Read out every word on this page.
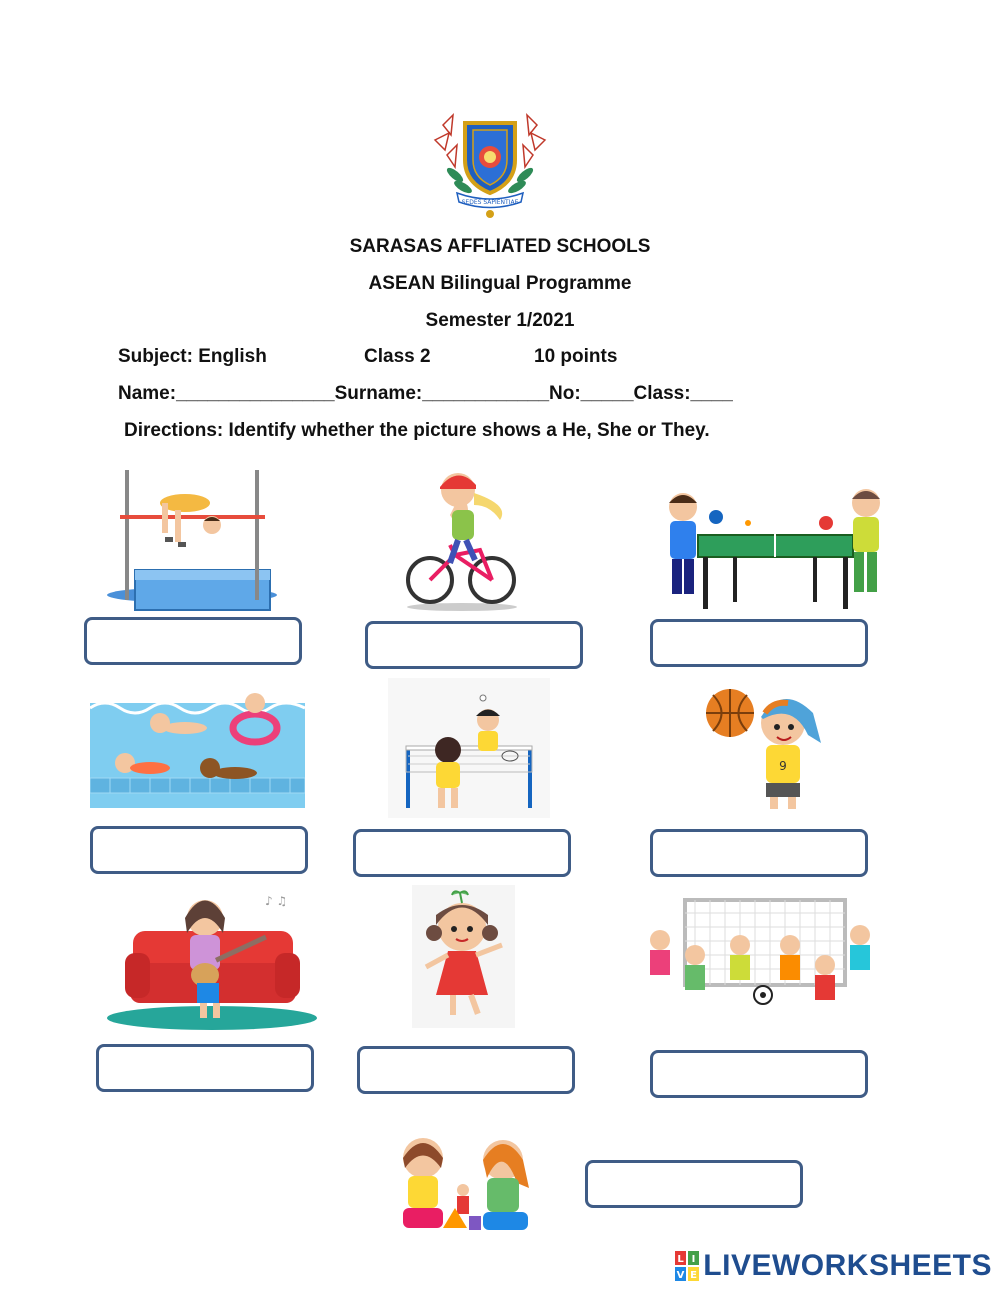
SEDES SAPIENTIAE
SARASAS AFFLIATED SCHOOLS
ASEAN Bilingual Programme
Semester 1/2021
Subject: English	Class 2	10 points
Name:_______________Surname:____________No:_____Class:____
Directions: Identify whether the picture shows a He, She or They.
9
♪ ♫
L I
V E LIVEWORKSHEETS
